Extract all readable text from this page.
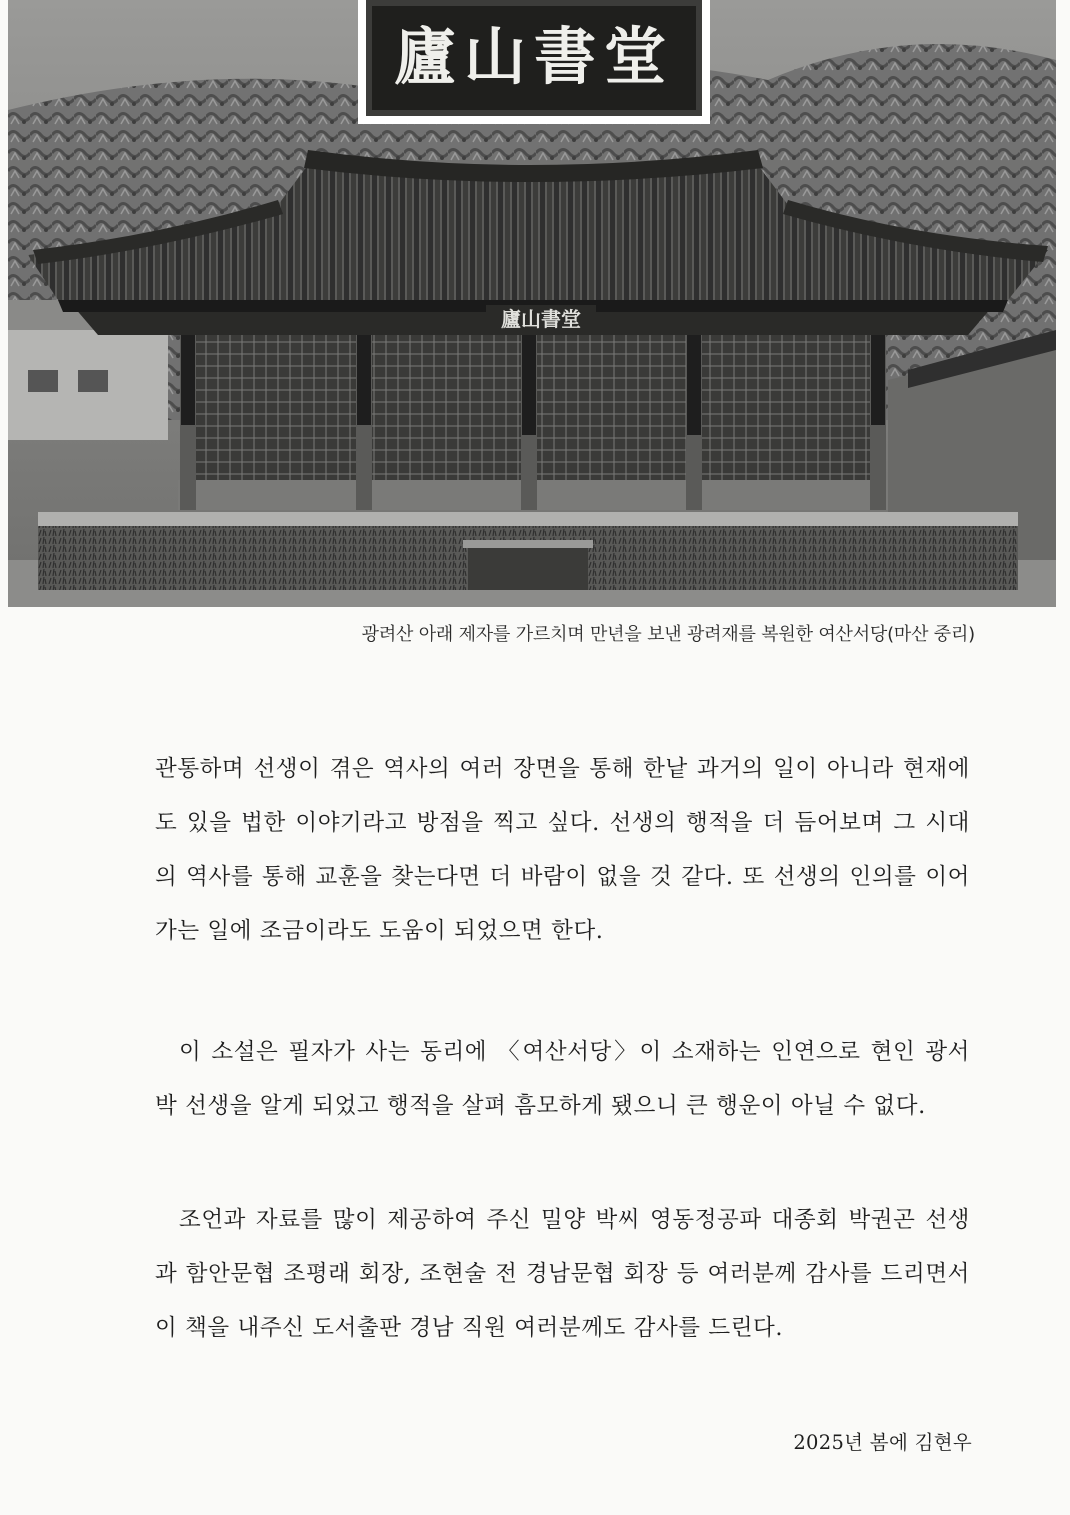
廬山書堂
廬山書堂
광려산 아래 제자를 가르치며 만년을 보낸 광려재를 복원한 여산서당(마산 중리)
관통하며 선생이 겪은 역사의 여러 장면을 통해 한낱 과거의 일이 아니라 현재에도 있을 법한 이야기라고 방점을 찍고 싶다. 선생의 행적을 더 듬어보며 그 시대의 역사를 통해 교훈을 찾는다면 더 바람이 없을 것 같다. 또 선생의 인의를 이어가는 일에 조금이라도 도움이 되었으면 한다.
이 소설은 필자가 사는 동리에 〈여산서당〉이 소재하는 인연으로 현인 광서 박 선생을 알게 되었고 행적을 살펴 흠모하게 됐으니 큰 행운이 아닐 수 없다.
조언과 자료를 많이 제공하여 주신 밀양 박씨 영동정공파 대종회 박권곤 선생과 함안문협 조평래 회장, 조현술 전 경남문협 회장 등 여러분께 감사를 드리면서 이 책을 내주신 도서출판 경남 직원 여러분께도 감사를 드린다.
2025년 봄에 김현우
